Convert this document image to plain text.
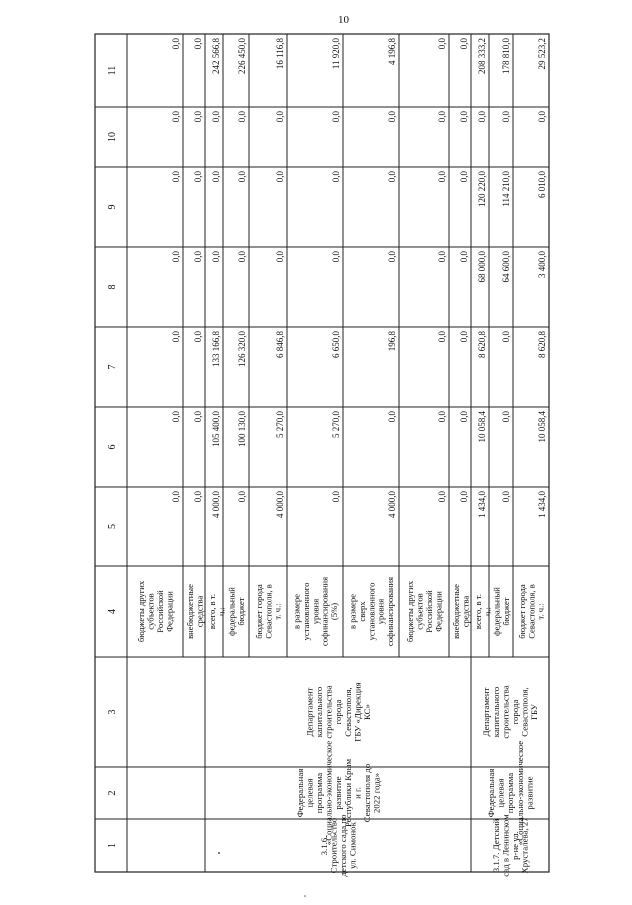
10
1
2
3
4
5
6
7
8
9
10
11
3.1.6.Строительстводетского сада поул. Симонок
Федеральнаяцелеваяпрограмма«Социально-экономическоеразвитиеРеспублики Крыми г.Севастополя до2022 года»
ДепартаменткапитальногостроительствагородаСевастополя,ГБУ «ДирекцияКС»
3.1.7. Детскийсад в Ленинскомр-не ул.Хрусталева, 27
Федеральнаяцелеваяпрограмма«Социально-экономическоеразвитие
ДепартаменткапитальногостроительствагородаСевастополя,ГБУ
бюджеты другихсубъектовРоссийскойФедерации
0,0
0,0
0,0
0,0
0,0
0,0
0,0
внебюджетныесредства
0,0
0,0
0,0
0,0
0,0
0,0
0,0
всего, в т.ч.:
4 000,0
105 400,0
133 166,8
0,0
0,0
0,0
242 566,8
федеральныйбюджет
0,0
100 130,0
126 320,0
0,0
0,0
0,0
226 450,0
бюджет городаСевастополя, вт. ч.:
4 000,0
5 270,0
6 846,8
0,0
0,0
0,0
16 116,8
в размереустановленногоуровнясофинансирования(5%)
0,0
5 270,0
6 650,0
0,0
0,0
0,0
11 920,0
в размересверхустановленногоуровнясофинансирования
4 000,0
0,0
196,8
0,0
0,0
0,0
4 196,8
бюджеты другихсубъектовРоссийскойФедерации
0,0
0,0
0,0
0,0
0,0
0,0
0,0
внебюджетныесредства
0,0
0,0
0,0
0,0
0,0
0,0
0,0
всего, в т.ч.:
1 434,0
10 058,4
8 620,8
68 000,0
120 220,0
0,0
208 333,2
федеральныйбюджет
0,0
0,0
0,0
64 600,0
114 210,0
0,0
178 810,0
бюджет городаСевастополя, вт. ч.:
1 434,0
10 058,4
8 620,8
3 400,0
6 010,0
0,0
29 523,2
